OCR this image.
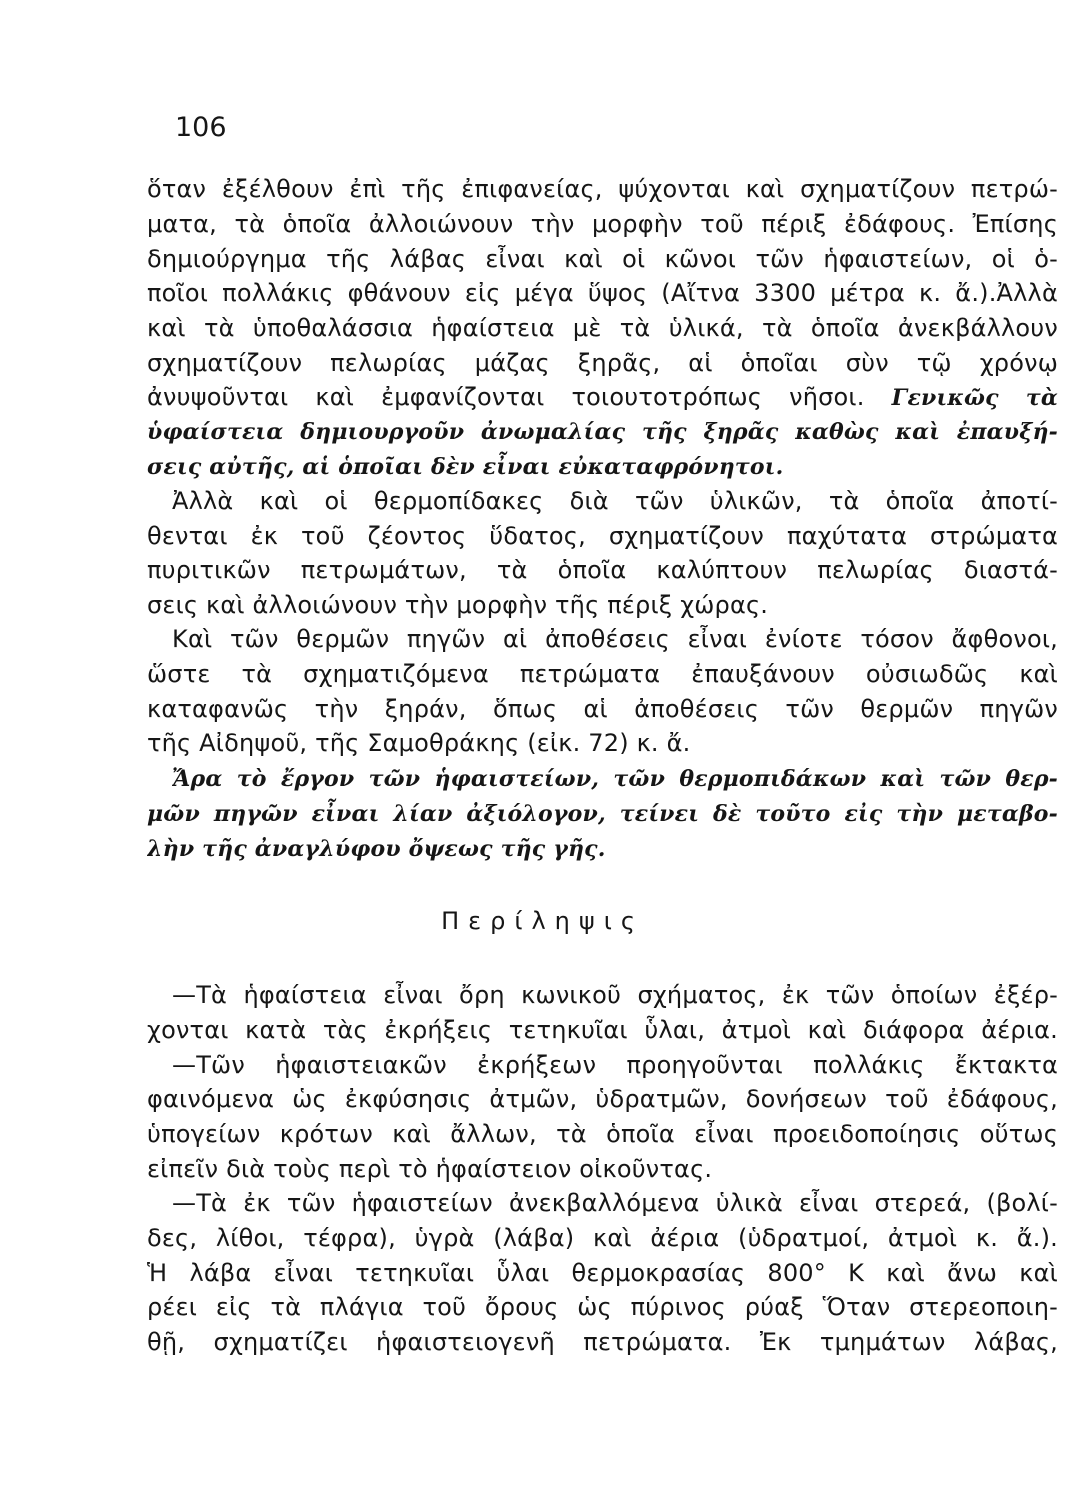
106
ὅταν ἐξέλθουν ἐπὶ τῆς ἐπιφανείας, ψύχονται καὶ σχηματίζουν πετρώ-
ματα, τὰ ὁποῖα ἀλλοιώνουν τὴν μορφὴν τοῦ πέριξ ἐδάφους. Ἐπίσης
δημιούργημα τῆς λάβας εἶναι καὶ οἱ κῶνοι τῶν ἡφαιστείων, οἱ ὁ-
ποῖοι πολλάκις φθάνουν εἰς μέγα ὕψος (Αἴτνα 3300 μέτρα κ. ἄ.).Ἀλλὰ
καὶ τὰ ὑποθαλάσσια ἡφαίστεια μὲ τὰ ὑλικά, τὰ ὁποῖα ἀνεκβάλλουν
σχηματίζουν πελωρίας μάζας ξηρᾶς, αἱ ὁποῖαι σὺν τῷ χρόνῳ
ἀνυψοῦνται καὶ ἐμφανίζονται τοιουτοτρόπως νῆσοι. Γενικῶς τὰ
ὑφαίστεια δημιουργοῦν ἀνωμαλίας τῆς ξηρᾶς καθὼς καὶ ἐπαυξή-
σεις αὐτῆς, αἱ ὁποῖαι δὲν εἶναι εὐκαταφρόνητοι.
Ἀλλὰ καὶ οἱ θερμοπίδακες διὰ τῶν ὑλικῶν, τὰ ὁποῖα ἀποτί-
θενται ἐκ τοῦ ζέοντος ὕδατος, σχηματίζουν παχύτατα στρώματα
πυριτικῶν πετρωμάτων, τὰ ὁποῖα καλύπτουν πελωρίας διαστά-
σεις καὶ ἀλλοιώνουν τὴν μορφὴν τῆς πέριξ χώρας.
Καὶ τῶν θερμῶν πηγῶν αἱ ἀποθέσεις εἶναι ἐνίοτε τόσον ἄφθονοι,
ὥστε τὰ σχηματιζόμενα πετρώματα ἐπαυξάνουν οὐσιωδῶς καὶ
καταφανῶς τὴν ξηράν, ὅπως αἱ ἀποθέσεις τῶν θερμῶν πηγῶν
τῆς Αἰδηψοῦ, τῆς Σαμοθράκης (εἰκ. 72) κ. ἄ.
Ἄρα τὸ ἔργον τῶν ἡφαιστείων, τῶν θερμοπιδάκων καὶ τῶν θερ-
μῶν πηγῶν εἶναι λίαν ἀξιόλογον, τείνει δὲ τοῦτο εἰς τὴν μεταβο-
λὴν τῆς ἀναγλύφου ὄψεως τῆς γῆς.
Περίληψις
—Τὰ ἡφαίστεια εἶναι ὄρη κωνικοῦ σχήματος, ἐκ τῶν ὁποίων ἐξέρ-
χονται κατὰ τὰς ἐκρήξεις τετηκυῖαι ὗλαι, ἀτμοὶ καὶ διάφορα ἀέρια.
—Τῶν ἡφαιστειακῶν ἐκρήξεων προηγοῦνται πολλάκις ἔκτακτα
φαινόμενα ὡς ἐκφύσησις ἀτμῶν, ὑδρατμῶν, δονήσεων τοῦ ἐδάφους,
ὑπογείων κρότων καὶ ἄλλων, τὰ ὁποῖα εἶναι προειδοποίησις οὕτως
εἰπεῖν διὰ τοὺς περὶ τὸ ἡφαίστειον οἰκοῦντας.
—Τὰ ἐκ τῶν ἡφαιστείων ἀνεκβαλλόμενα ὑλικὰ εἶναι στερεά, (βολί-
δες, λίθοι, τέφρα), ὑγρὰ (λάβα) καὶ ἀέρια (ὑδρατμοί, ἀτμοὶ κ. ἄ.).
Ἡ λάβα εἶναι τετηκυῖαι ὗλαι θερμοκρασίας 800° Κ καὶ ἄνω καὶ
ρέει εἰς τὰ πλάγια τοῦ ὄρους ὡς πύρινος ρύαξ Ὅταν στερεοποιη-
θῇ, σχηματίζει ἡφαιστειογενῆ πετρώματα. Ἐκ τμημάτων λάβας,
